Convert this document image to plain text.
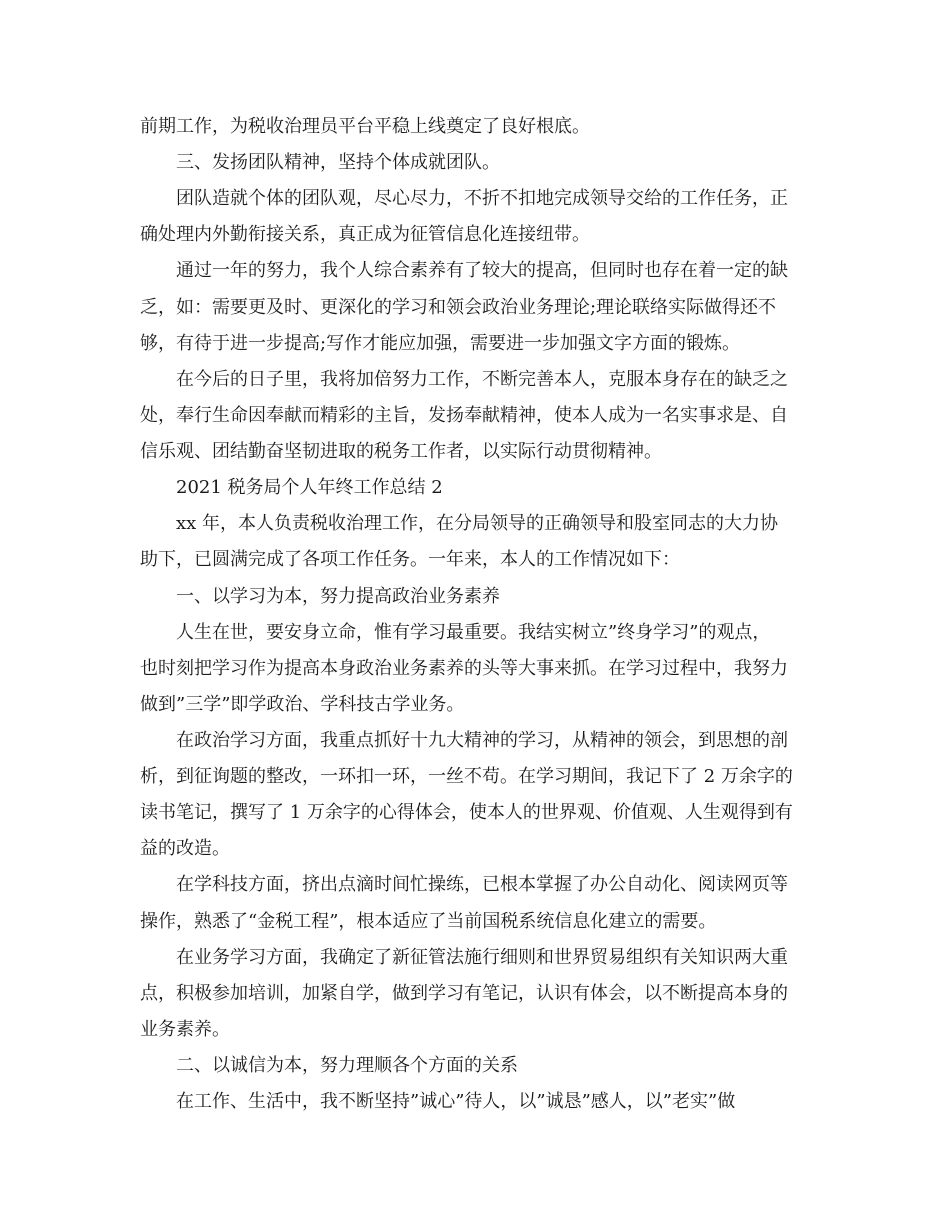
前期工作，为税收治理员平台平稳上线奠定了良好根底。
三、发扬团队精神，坚持个体成就团队。
团队造就个体的团队观，尽心尽力，不折不扣地完成领导交给的工作任务，正
确处理内外勤衔接关系，真正成为征管信息化连接纽带。
通过一年的努力，我个人综合素养有了较大的提高，但同时也存在着一定的缺
乏，如：需要更及时、更深化的学习和领会政治业务理论;理论联络实际做得还不
够，有待于进一步提高;写作才能应加强，需要进一步加强文字方面的锻炼。
在今后的日子里，我将加倍努力工作，不断完善本人，克服本身存在的缺乏之
处，奉行生命因奉献而精彩的主旨，发扬奉献精神，使本人成为一名实事求是、自
信乐观、团结勤奋坚韧进取的税务工作者，以实际行动贯彻精神。
2021 税务局个人年终工作总结 2
xx 年，本人负责税收治理工作，在分局领导的正确领导和股室同志的大力协
助下，已圆满完成了各项工作任务。一年来，本人的工作情况如下：
一、以学习为本，努力提高政治业务素养
人生在世，要安身立命，惟有学习最重要。我结实树立”终身学习”的观点，
也时刻把学习作为提高本身政治业务素养的头等大事来抓。在学习过程中，我努力
做到”三学”即学政治、学科技古学业务。
在政治学习方面，我重点抓好十九大精神的学习，从精神的领会，到思想的剖
析，到征询题的整改，一环扣一环，一丝不苟。在学习期间，我记下了 2 万余字的
读书笔记，撰写了 1 万余字的心得体会，使本人的世界观、价值观、人生观得到有
益的改造。
在学科技方面，挤出点滴时间忙操练，已根本掌握了办公自动化、阅读网页等
操作，熟悉了“金税工程”，根本适应了当前国税系统信息化建立的需要。
在业务学习方面，我确定了新征管法施行细则和世界贸易组织有关知识两大重
点，积极参加培训，加紧自学，做到学习有笔记，认识有体会，以不断提高本身的
业务素养。
二、以诚信为本，努力理顺各个方面的关系
在工作、生活中，我不断坚持”诚心”待人，以”诚恳”感人，以”老实”做
